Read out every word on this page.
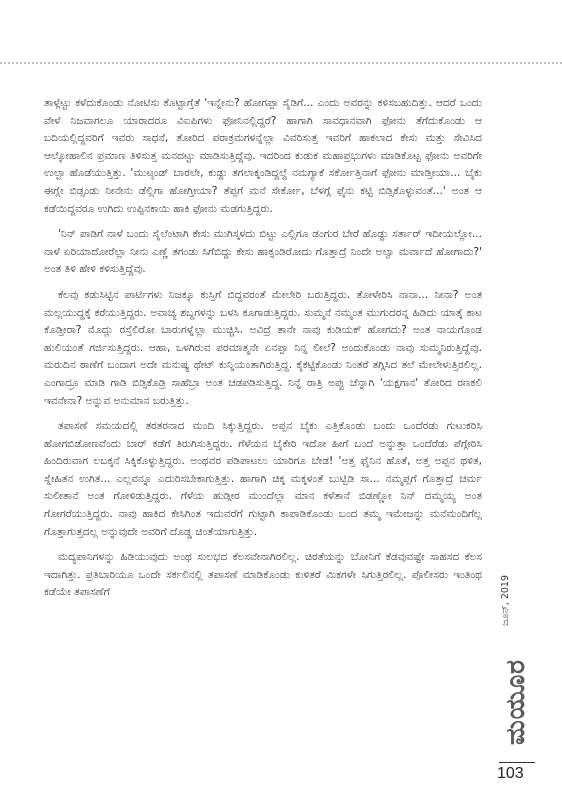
ತಾಳ್ಗೆಟ್ಟು ಕಳೆದುಕೊಂಡು ನೋಟಿಸು ಕೊಟ್ಟಾಗ್ತೆತೆ 'ಇನ್ನೇನು? ಹೋಗಪ್ಪಾ ಸೈಡಿಗೆ... ಎಂದು ಅವರನ್ನು ಕಳಿಸಬಹುದಿತ್ತು. ಆದರೆ ಒಂದು ವೇಳೆ ನಿಜವಾಗಲೂ ಯಾರಾದರೂ ವಿಐಪಿಗಳು ಫೋನಿನಲ್ಲಿದ್ದರೆ? ಹಾಗಾಗಿ ಸಾವಧಾನವಾಗಿ ಫೋನು ತೆಗೆದುಕೊಂಡು ಆ ಬದಿಯಲ್ಲಿದ್ದವರಿಗೆ ಇವರು ಸಾಧನೆ, ತೋರಿದ ಪರಾಕ್ರಮಗಳನ್ನೆಲ್ಲಾ ವಿವರಿಸುತ್ತ ಇವರಿಗೆ ಹಾಕಲಾದ ಕೇಸು ಮತ್ತು ಸೇವಿಸಿದ ಆಲ್ಕೋಹಾಲಿನ ಪ್ರಮಾಣ ತಿಳಿಸುತ್ತ ಮನದಟ್ಟು ಮಾಡಿಸುತ್ತಿದ್ದೆವು. ಇದರಿಂದ ಕುಡುಕ ಮಹಾಪ್ರಭುಗಳು ಮಾಡಿಕೊಟ್ಟ ಫೋನು ಅವರಿಗೇ ಉಲ್ಟಾ ಹೊಡೆಯುತ್ತಿತ್ತು. 'ಮುಟ್ಠಂಡ್ ಬಾರಲೇ, ಕುಡ್ದು ತಗಲಾಕ್ಕಂಡಿದ್ದಲ್ದೆ ನಮಗ್ಯಾಕೆ ಸರ್ಕೋತ್ತಿನಾಗೆ ಫೋನು ಮಾಡ್ತೀಯಾ... ಬೈಕು ಈಗ್ಲೇ ಬಿಡ್ಸಂಡು ನೀನೇನು ಡೆಲ್ಲಿಗಾ ಹೋಗ್ತೀಯಾ? ತೆಪ್ಪಗೆ ಮನೆ ಸೇರ್ಕೋ, ಬೆಳಗ್ಗೆ ಫೈನು ಕಟ್ಟಿ ಬಿಡ್ಸಿಕೊಳ್ಳುವಂತೆ...' ಅಂತ ಆ ಕಡೆಯಿದ್ದವರೂ ಉಗಿದು ಉಪ್ಪಿನಕಾಯಿ ಹಾಕಿ ಫೋನು ಮಡಗುತ್ತಿದ್ದರು.

'ನಿನ್ ಪಾಡಿಗೆ ನಾಳೆ ಬಂದು ಸೈಲೆಂಟಾಗಿ ಕೇಸು ಮುಗಿಸ್ಕಳದು ಬಿಟ್ಟು ಎಲ್ಲಿಗೂ ಡಂಗುರ ಬೇರೆ ಹೊಡ್ದು ಸರ್ತಾರ್ ಇದೀಯಲ್ಲೋ... ನಾಳೆ ಏರಿಯಾದೋರೆಲ್ಲಾ ನೀನು ಎಣ್ಣೆ ತಗಂಡು ಸಿಗೆಬಿದ್ದು ಕೇಸು ಹಾಕ್ಸಂಡಿರೋದು ಗೊತ್ತಾದ್ರೆ ನಿಂದೇ ಅಲ್ವಾ ಮರ್ವಾದೆ ಹೋಗಾದು?' ಅಂತ ತಿಳಿ ಹೇಳಿ ಕಳಿಸುತ್ತಿದ್ದೆವು.

ಕೆಲವು ಕಡುಸಿಟ್ಟಿನ ಪಾರ್ಟಿಗಳು ನಿಜಕ್ಕೂ ಕುಸ್ತಿಗೆ ಬಿದ್ದವರಂತೆ ಮೇಲೇರಿ ಬರುತ್ತಿದ್ದರು. ತೋಳೇರಿಸಿ ನಾನಾ... ನೀನಾ? ಅಂತ ಮಲ್ಲಯುದ್ಧಕ್ಕೆ ಕರೆಯುತ್ತಿದ್ದರು. ಅವಾಚ್ಯ ಶಬ್ದಗಳನ್ನು ಬಳಸಿ ಕೂಗಾಡುತ್ತಿದ್ದರು. ಸುಮ್ಮನೆ ನಮ್ಮಂತ ಮುಗುದರನ್ನ ಹಿಡಿದು ಯಾತ್ಕೆ ಕಾಟ ಕೊಡ್ತೀರಾ? ಮೊದ್ಲು ರಸ್ತೆಲಿರೋ ಬಾರುಗಳ್ನೆಲ್ಲಾ ಮುಚ್ಚಿಸಿ. ಅವಿದ್ರೆ ತಾನೇ ನಾವು ಕುಡಿಯಕ್ ಹೋಗದು? ಅಂತ ನಾಯಗೊಂಡ ಹುಲಿಯಂತೆ ಗರ್ಜಿಸುತ್ತಿದ್ದರು. ಆಹಾ, ಒಳಗಿರುವ ಪರಮಾತ್ಮನೇ ಏನಪ್ಪಾ ನಿನ್ನ ಲೀಲೆ? ಅಂದುಕೊಂಡು ನಾವು ಸುಮ್ಮನಿರುತ್ತಿದ್ದೆವು. ಮರುದಿನ ಠಾಣೆಗೆ ಬಂದಾಗ ಅದೇ ಮನುಷ್ಯ ಥೇಟ್ ಕುನ್ನಿಯಂತಾಗಿರುತ್ತಿದ್ದ. ಕೈಕಟ್ಟಿಕೊಂಡು ನಿಂತರೆ ತಗ್ಗಿಸಿದ ತಲೆ ಮೇಲೇಳುತ್ತಿರಲಿಲ್ಲ. ಎಂಗಾದ್ರೂ ಮಾಡಿ ಗಾಡಿ ಬಿಡ್ಸಿಕೊಡ್ರಿ ಸಾಹೆಬ್ರಾ ಅಂತ ಚಡಪಡಿಸುತ್ತಿದ್ದ. ನಿನ್ನೆ ರಾತ್ರಿ ಅಪ್ಪು ಚೆನ್ನಾಗಿ 'ಯಕ್ಷಗಾನ' ತೋರಿದ ರಣಕಲಿ ಇವನೇನಾ? ಅನ್ನುವ ಅನುಮಾನ ಬರುತ್ತಿತ್ತು.

ತಪಾಸಣೆ ಸಮಯದಲ್ಲಿ ತರತರನಾದ ಮಂದಿ ಸಿಕ್ಕುತ್ತಿದ್ದರು. ಅಪ್ಪನ ಬೈಕು ಎತ್ತಿಕೊಂಡು ಬಂದು ಒಂದೆರಡು ಗುಟುಕರಿಸಿ ಹೋಗಬಿಡೋಣವೆಂದು ಬಾರ್ ಕಡೆಗೆ ತಿರುಗಿಸುತ್ತಿದ್ದರು. ಗೆಳೆಯನ ಬೈಕೇರಿ ಇದೋ ಹೀಗೆ ಬಂದೆ ಅನ್ನುತ್ತಾ ಒಂದೆರೆಡು ಪೆಗ್ಗೇರಿಸಿ ಹಿಂದಿರುವಾಗ ಲಬಕ್ಕನೆ ಸಿಕ್ಕಿಕೊಳ್ಳುತ್ತಿದ್ದರು. ಅಂಥವರ ಪಡಿಪಾಟಲು ಯಾರಿಗೂ ಬೇಡ! 'ಅತ್ತ ಫೈನಿನ ಹೊತೆ, ಅತ್ತ ಅಪ್ಪನ ಥಳಿತ, ಸ್ನೇಹಿತನ ಉಗಿತ... ಎಲ್ಲವನ್ನೂ ಎದುರಿಸಬೇಕಾಗುತ್ತಿತ್ತು. ಹಾಗಾಗಿ ಚಿಕ್ಕ ಮಕ್ಕಳಂತೆ ಬುಟ್ಬಿಡಿ ಸಾ... ನಮ್ಮಪ್ಪಗೆ ಗೊತ್ತಾದ್ರೆ ಚರ್ಮ ಸುಲೀತಾನೆ ಅಂತ ಗೋಳಿಡುತ್ತಿದ್ದರು. ಗೆಳೆಯ ಹುಡ್ಗೀರ ಮುಂದೆಲ್ಲಾ ಮಾನ ಕಳೆತಾನೆ ಬಿಡಣ್ಣೋ ನಿನ್ ದಮ್ಮಯ್ಯ ಅಂತ ಗೋಗರೆಯುತ್ತಿದ್ದರು. ನಾವು ಹಾಕಿದ ಕೇಸಿಗಿಂತ ಇದುವರೆಗೆ ಗುಟ್ಟಾಗಿ ಕಾಪಾಡಿಕೊಂಡು ಬಂದ ತಮ್ಮ ಇಮೇಜನ್ನು ಮನೆಮಂದಿಗೆಲ್ಲ ಗೊತ್ತಾಗುತ್ತದಲ್ಲ ಅನ್ನುವುದೇ ಅವರಿಗೆ ದೊಡ್ಡ ಚಿಂತೆಯಾಗುತ್ತಿತ್ತು.

ಮದ್ಯಪಾನಿಗಳನ್ನು ಹಿಡಿಯುವುದು ಅಂಥ ಸುಲಭದ ಕೆಲಸವೇನಾಗಿರಲಿಲ್ಲ. ಚಿರತೆಯನ್ನು ಬೋನಿಗೆ ಕೆಡವುವಷ್ಟೇ ಸಾಹಸದ ಕೆಲಸ ಇದಾಗಿತ್ತು. ಪ್ರತಿಬಾರಿಯೂ ಒಂದೇ ಸರ್ಕಲಿನಲ್ಲಿ ತಪಾಸಣೆ ಮಾಡಿಕೊಂಡು ಕುಳಿತರೆ ಮಿಕಗಳೇ ಸಿಗುತ್ತಿರಲಿಲ್ಲ. ಪೊಲೀಸರು ಇಂತಿಂಥ ಕಡೆಯೇ ತಪಾಸಣೆಗೆ	ಜೂನ್, 2019
ಮಯೂರ
103
